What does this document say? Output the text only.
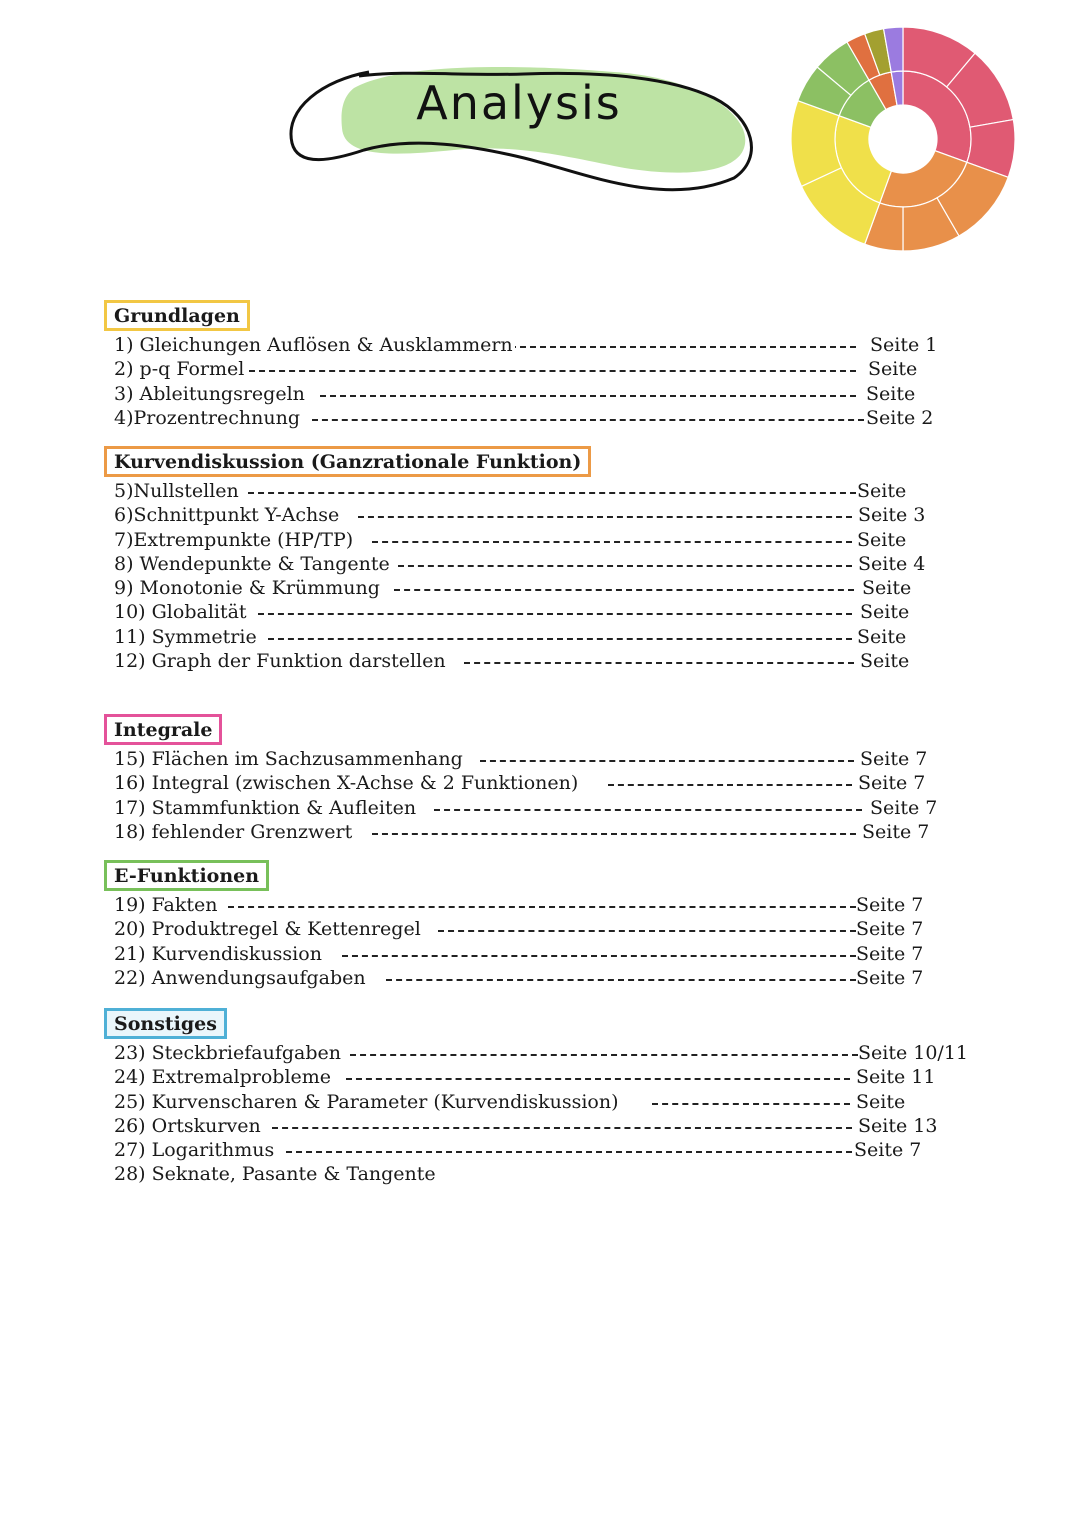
Analysis
Grundlagen
1) Gleichungen Auflösen & Ausklammern	Seite 1
2) p-q Formel	Seite
3) Ableitungsregeln	Seite
4)Prozentrechnung	Seite 2
Kurvendiskussion (Ganzrationale Funktion)
5)Nullstellen	Seite
6)Schnittpunkt Y-Achse	Seite 3
7)Extrempunkte (HP/TP)	Seite
8) Wendepunkte & Tangente	Seite 4
9) Monotonie & Krümmung	Seite
10) Globalität	Seite
11) Symmetrie	Seite
12) Graph der Funktion darstellen	Seite
Integrale
15) Flächen im Sachzusammenhang	Seite 7
16) Integral (zwischen X-Achse & 2 Funktionen)	Seite 7
17) Stammfunktion & Aufleiten	Seite 7
18) fehlender Grenzwert	Seite 7
E-Funktionen
19) Fakten	Seite 7
20) Produktregel & Kettenregel	Seite 7
21) Kurvendiskussion	Seite 7
22) Anwendungsaufgaben	Seite 7
Sonstiges
23) Steckbriefaufgaben	Seite 10/11
24) Extremalprobleme	Seite 11
25) Kurvenscharen & Parameter (Kurvendiskussion)	Seite
26) Ortskurven	Seite 13
27) Logarithmus	Seite 7
28) Seknate, Pasante & Tangente
